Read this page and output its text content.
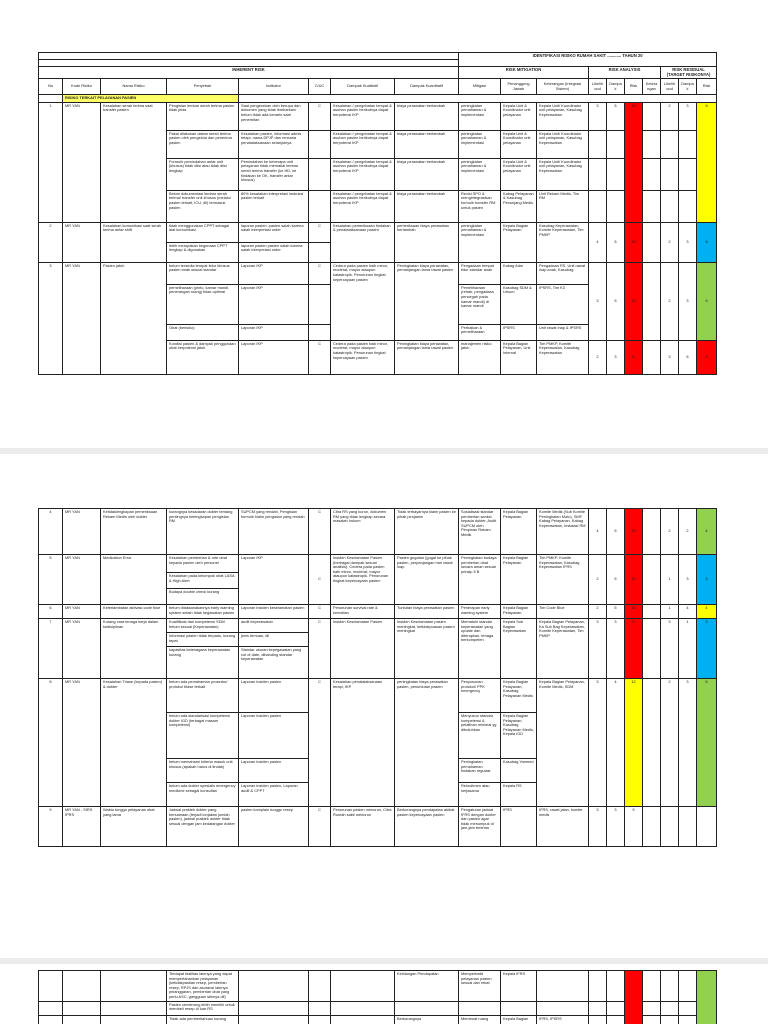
								IDENTIFIKASI RISIKO RUMAH SAKIT ............ TAHUN 20									

INHERENT RISK								RISK MITIGATION			RISK ANALYSIS				RISK RESIDUAL (TARGET RISIKONYA)		
No	Kode Risiko	Nama Risiko	Penyebab	Indikator	C/UC	Dampak Kualitatif	Dampak Kuantitatif	Mitigasi	Penanggung Jawab	Keterangan (Integrasi Sistem)	Likelihood	Dampak	Risk	Keterangan	Likelihood	Dampak	Risk
	RISIKO TERKAIT PELAYANAN PASIEN																
1	MR YAN	Kesalahan serah terima saat transfer pasien	Pengisian lembar serah terima pasien tidak jelas	Saat pengecekan oleh berupa dan dokumen yang tidak lembarkan/ belum tidak ada kenarin saat penerbitan	C	Kesalahan / pengobatan tempat & asuhan pasien berikutnya dapat berpotensi IKP	biaya perawatan bertambah	peningkatan pemahaman & implementasi	Kepala Unit & Koordinator unit pelayanan	Kepala Unit/ Koordinator unit pelayanan, Kasubag Keperawatan	3	5	15		2	3	6
			Pakai dilakukan dalam serah terima pasien oleh pengelola dan penerima pasien	Kesalahan pasien, informasi admis tetapi, nama DPJP dan rencana penatalaksanaan selanjutnya		Kesalahan / pengobatan tempat & asuhan pasien berikutnya dapat berpotensi IKP	biaya perawatan bertambah	peningkatan pemahaman & implementasi	Kepala Unit & Koordinator unit pelayanan	Kepala Unit/ Koordinator unit pelayanan, Kasubag Keperawatan							
			Formulir pemindahan antar unit (khusus) tidak diisi atau tidak diisi lengkap	Pemindahan ke beberapa unit pelayanan tidak memakai lembar serah terima transfer (ke HD, ke tindakan ke OK, transfer antar khusus)		Kesalahan / pengobatan tempat & asuhan pasien berikutnya dapat berpotensi IKP	biaya perawatan bertambah	peningkatan pemahaman & implementasi	Kepala Unit & Koordinator unit pelayanan	Kepala Unit/ Koordinator unit pelayanan, Kasubag Keperawatan							
			Belum dokumentasi lembar serah terima/ transfer unit khusus (melalui pasien terkait, ICU, dll) termasuk pasien	80% kesalahan interpretasi instruksi pasien terkait		Kesalahan / pengobatan tempat & asuhan pasien berikutnya dapat berpotensi IKP	biaya perawatan bertambah	Revisi SPO & mengintegrasikan formulir transfer RM untuk pasien	Kabag Pelayanan & Kasubag Penunjang Medis	Unit Rekam Medis, Tim RM							
2	MR YAN	Kesalahan komunikasi saat serah terima antar shift	tidak menggunakan CPPT sebagai alat komunikasi	laporan pasien: pasien salah karena salah interpretasi order	C	Kesalahan pemeriksaan tindakan & penatalaksanaan pasien	pemeriksaan biaya perawatan bertambah	peningkatan pemahaman & implementasi	Kepala Bagian Pelayanan	Kasubag Keperawatan, Komite Keperawatan, Tim PMKP	4	5	20		2	3	6
			lebih merupakan kegunaan CPPT lengkap & digunakan	laporan pasien pasien salah karena salah interpretasi order													
3	MR YAN	Pasien jatuh	belum tersedia tempat tidur khusus pasien anak sesuai standar	Laporan IKP	C	Cedera pada pasien baik minor, moderat, mayor ataupun katastropik. Penurunan tingkat kepercayaan pasien	Peningkatan biaya perawatan, pemanjangan lama rawat pasien	Pengadaan tempat tidur standar anak	Kabag Adm	Pengadaan RS, Unit rawat inap anak, Kasubag	3	5	15		2	3	6
			pemeliharaan (pintu, kamar mandi, penerangan ruang) tidak optimal	Laporan IKP				Pemeliharaan (rehab, pengadaan pencegah pada kamar mandi) di kamar mandi	Kasubag SDM & Umum	IPSRS, Tim K3							
			Obat (berisiko)	Laporan IKP				Perbaikan & pemeliharaan	IPSRS	Unit rawat inap & IPSRS							
			Kondisi pasien & dampak penggunaan obat berpotensi jatuh	Laporan IKP	C	Cedera pada pasien baik minor, moderat, mayor ataupun katastropik. Penurunan tingkat kepercayaan pasien	Peningkatan biaya perawatan, pemanjangan lama rawat pasien	manajemen risiko jatuh	Kepala Bagian Pelayanan, Unit Internal	Tim PMKP, Komite Keperawatan, Kasubag Keperawatan	2	3	6		3	6	6
4	MR YAN	Ketidaklengkapan pemeriksaan Rekam Medis oleh dokter	kurangnya kesadaran dokter tentang pentingnya kelengkapan pengisian RM	SUPCM yang rendah, Pengisian formulir klaim pengisian yang rendah	C	Citra RS yang kurun, dokumen RM yang tidak lengkap secara masalah hukum	Tidak terbayarnya klaim pasien ke pihak penjamin	Sosialisasi standar pemberian sanksi kepada dokter, Audit SUPCM oleh Pimpinan Rekam Medik	Kepala Bagian Pelayanan	Komite Medik (Sub Komite Peningkatan Mutu), SMF, Kabag Pelayanan, Kabag Keperawatan, Instalasi RM	4	5	20		2	2	4
5	MR YAN	Medication Error	Kesalahan pemberian & rute obat kepada pasien oleh personel	Laporan IKP	C	Insiden Keselamatan Pasien (berbagai dampak sesuai analisis). Cedera pada pasien baik minor, moderat, mayor ataupun katastropik. Penurunan tingkat kepercayaan pasien	Pasien gugatan (gugat ke pihak pasien, perpanjangan hari rawat inap	Peningkatan budaya pemberian obat secara aman sesuai prinsip 5 B	Kepala Bagian Pelayanan	Tim PMKP, Komite Keperawatan, Kasubag Keperawatan IFRS	2	5	10		1	3	3
			Kesalahan pada kelompok obat LASA & High Alert														
			Budaya double check kurang														
6	MR YAN	Keterlambatan aktivasi code blue	belum dilaksanakannya early warning system selain tidak kegawatan pasien	Laporan insiden keselamatan pasien	C	Penurunan survival rate & kematian	Tuntutan biaya perawatan pasien	Penerapan early warning system	Kepala Bagian Pelayanan	Tim Code Blue	2	5	10		1	4	4
7	MR YAN	Kurang cara tenaga kerja dalam kedisiplinan	Kualifikasi dan kompetensi SDM belum sesuai (Keperawatan)	audit keperawatan	C	Insiden Keselamatan Pasien	Insiden Keselamatan pasien meningkat, ketidakpuasan pasien meningkat	Mematuhi standar keperawatan yang update dan diterapkan, tenaga berkompeten	Kepala Sub Bagian Keperawatan	Kepala Bagian Pelayanan, Ka Sub Bag Keperawatan, Komite Keperawatan, Tim PMKP	3	3	9		3	1	3
			Informasi pasien tidak terpadu, kurang tepat	jenis temuan, dll													
			kapasitas ketenagaan keperawatan kurang	Standar ukuran kepegawaian yang cut of date, dibanding standar keperawatan													
8	MR YAN	Kesalahan Triase (kepada pasien) & dokter	belum ada pemahaman prosedur/ protokol triase terkait	Laporan insiden pasien	C	Kesalahan penatalaksanaan terapi, IKP	peningkatan biaya perawatan pasien, penuntutan pasien	Penyusunan protokol/ PPK emergency	Kepala Bagian Pelayanan, Kasubag Pelayanan Medis	Kepala Bagian Pelayanan, Komite Medis, SDM	3	4	12		2	3	6
			belum ada standarisasi kompetensi dokter IGD (terbagai masam kompetensi)	Laporan insiden pasien				Menyusun standar kompetensi & pelatihan minimal yg dibutuhkan	Kepala Bagian Pelayanan, Kasubag Pelayanan Medis, Kepala IGD								
			belum memahami kriteria masuk unit khusus (apakah harus di tindak)	Laporan insiden pasien				Peningkatan pemahaman tindakan regulasi	Kasubag Yanmed								
			belum ada dokter spesialis emergency medicine sebagai konsultan	Laporan insiden pasien, Laporan audit & CPPT				Rekruitmen atau kerjasama	Kepala RS								
9	MR YAN - SIRS IPRS	Waktu tunggu pelayanan obat yang lama	Jadwal praktek dokter yang bersamaan (terjadi lonjakan jumlah pasien), jadwal praktek dokter tidak sesuai dengan jam kedatangan dokter	pasien komplain tunggu resep	C	Penurunan pasien menurun, Citra Rumah sakit menurun	Berkurangnya pendapatan akibat pasien kepercayaan pasien	Pengaturan jadwal IFRS dengan dokter dan pasien agar tidak menumpuk di jam-jam tertentu	IFRS	IFRS, rawat jalan, komite medis	3	3	9				
			Terdapat fasilitas lainnya yang dapat mempertahankan pelayanan (ketidakpastian resep, pemberian resep, RPJS dan asuransi lainnya pelanggaran, pemberian obat yang perlu ASC, gangguan lainnya dll)				Kehilangan Pendapatan	Memperbaiki pelayanan pasien sesuai dan rekat	Kepala IFRS								
			Pasien cenderung lebih memilih untuk membeli resep di luar RS														
			Tidak ada pemberitahuan kurang				Berkurangnya	Membuat ruang	Kepala Bagian	IFRS, IPSRS							
